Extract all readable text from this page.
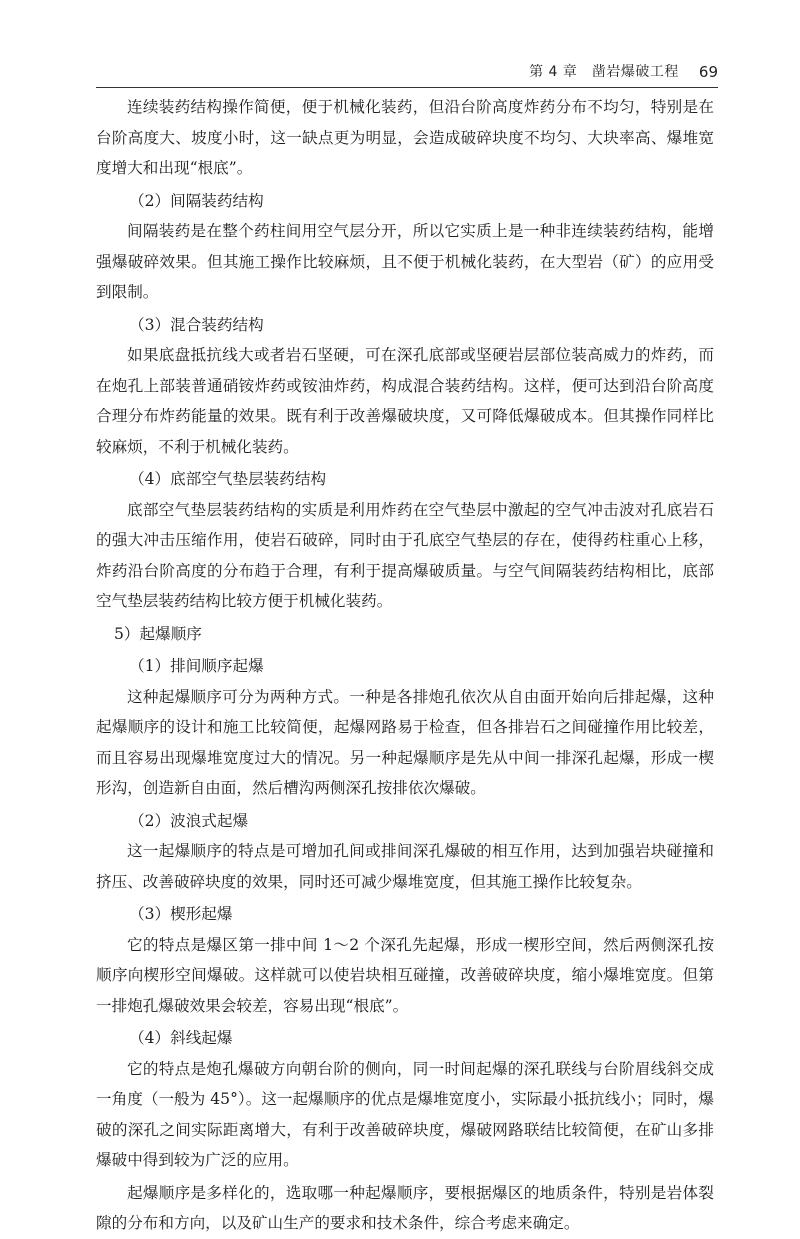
第 4 章　凿岩爆破工程 69

连续装药结构操作简便，便于机械化装药，但沿台阶高度炸药分布不均匀，特别是在台阶高度大、坡度小时，这一缺点更为明显，会造成破碎块度不均匀、大块率高、爆堆宽度增大和出现“根底”。

（2）间隔装药结构

间隔装药是在整个药柱间用空气层分开，所以它实质上是一种非连续装药结构，能增强爆破碎效果。但其施工操作比较麻烦，且不便于机械化装药，在大型岩（矿）的应用受到限制。

（3）混合装药结构

如果底盘抵抗线大或者岩石坚硬，可在深孔底部或坚硬岩层部位装高威力的炸药，而在炮孔上部装普通硝铵炸药或铵油炸药，构成混合装药结构。这样，便可达到沿台阶高度合理分布炸药能量的效果。既有利于改善爆破块度，又可降低爆破成本。但其操作同样比较麻烦，不利于机械化装药。

（4）底部空气垫层装药结构

底部空气垫层装药结构的实质是利用炸药在空气垫层中激起的空气冲击波对孔底岩石的强大冲击压缩作用，使岩石破碎，同时由于孔底空气垫层的存在，使得药柱重心上移，炸药沿台阶高度的分布趋于合理，有利于提高爆破质量。与空气间隔装药结构相比，底部空气垫层装药结构比较方便于机械化装药。

5）起爆顺序

（1）排间顺序起爆

这种起爆顺序可分为两种方式。一种是各排炮孔依次从自由面开始向后排起爆，这种起爆顺序的设计和施工比较简便，起爆网路易于检查，但各排岩石之间碰撞作用比较差，而且容易出现爆堆宽度过大的情况。另一种起爆顺序是先从中间一排深孔起爆，形成一楔形沟，创造新自由面，然后槽沟两侧深孔按排依次爆破。

（2）波浪式起爆

这一起爆顺序的特点是可增加孔间或排间深孔爆破的相互作用，达到加强岩块碰撞和挤压、改善破碎块度的效果，同时还可减少爆堆宽度，但其施工操作比较复杂。

（3）楔形起爆

它的特点是爆区第一排中间 1～2 个深孔先起爆，形成一楔形空间，然后两侧深孔按顺序向楔形空间爆破。这样就可以使岩块相互碰撞，改善破碎块度，缩小爆堆宽度。但第一排炮孔爆破效果会较差，容易出现“根底”。

（4）斜线起爆

它的特点是炮孔爆破方向朝台阶的侧向，同一时间起爆的深孔联线与台阶眉线斜交成一角度（一般为 45°）。这一起爆顺序的优点是爆堆宽度小，实际最小抵抗线小；同时，爆破的深孔之间实际距离增大，有利于改善破碎块度，爆破网路联结比较简便，在矿山多排爆破中得到较为广泛的应用。

起爆顺序是多样化的，选取哪一种起爆顺序，要根据爆区的地质条件，特别是岩体裂隙的分布和方向，以及矿山生产的要求和技术条件，综合考虑来确定。
